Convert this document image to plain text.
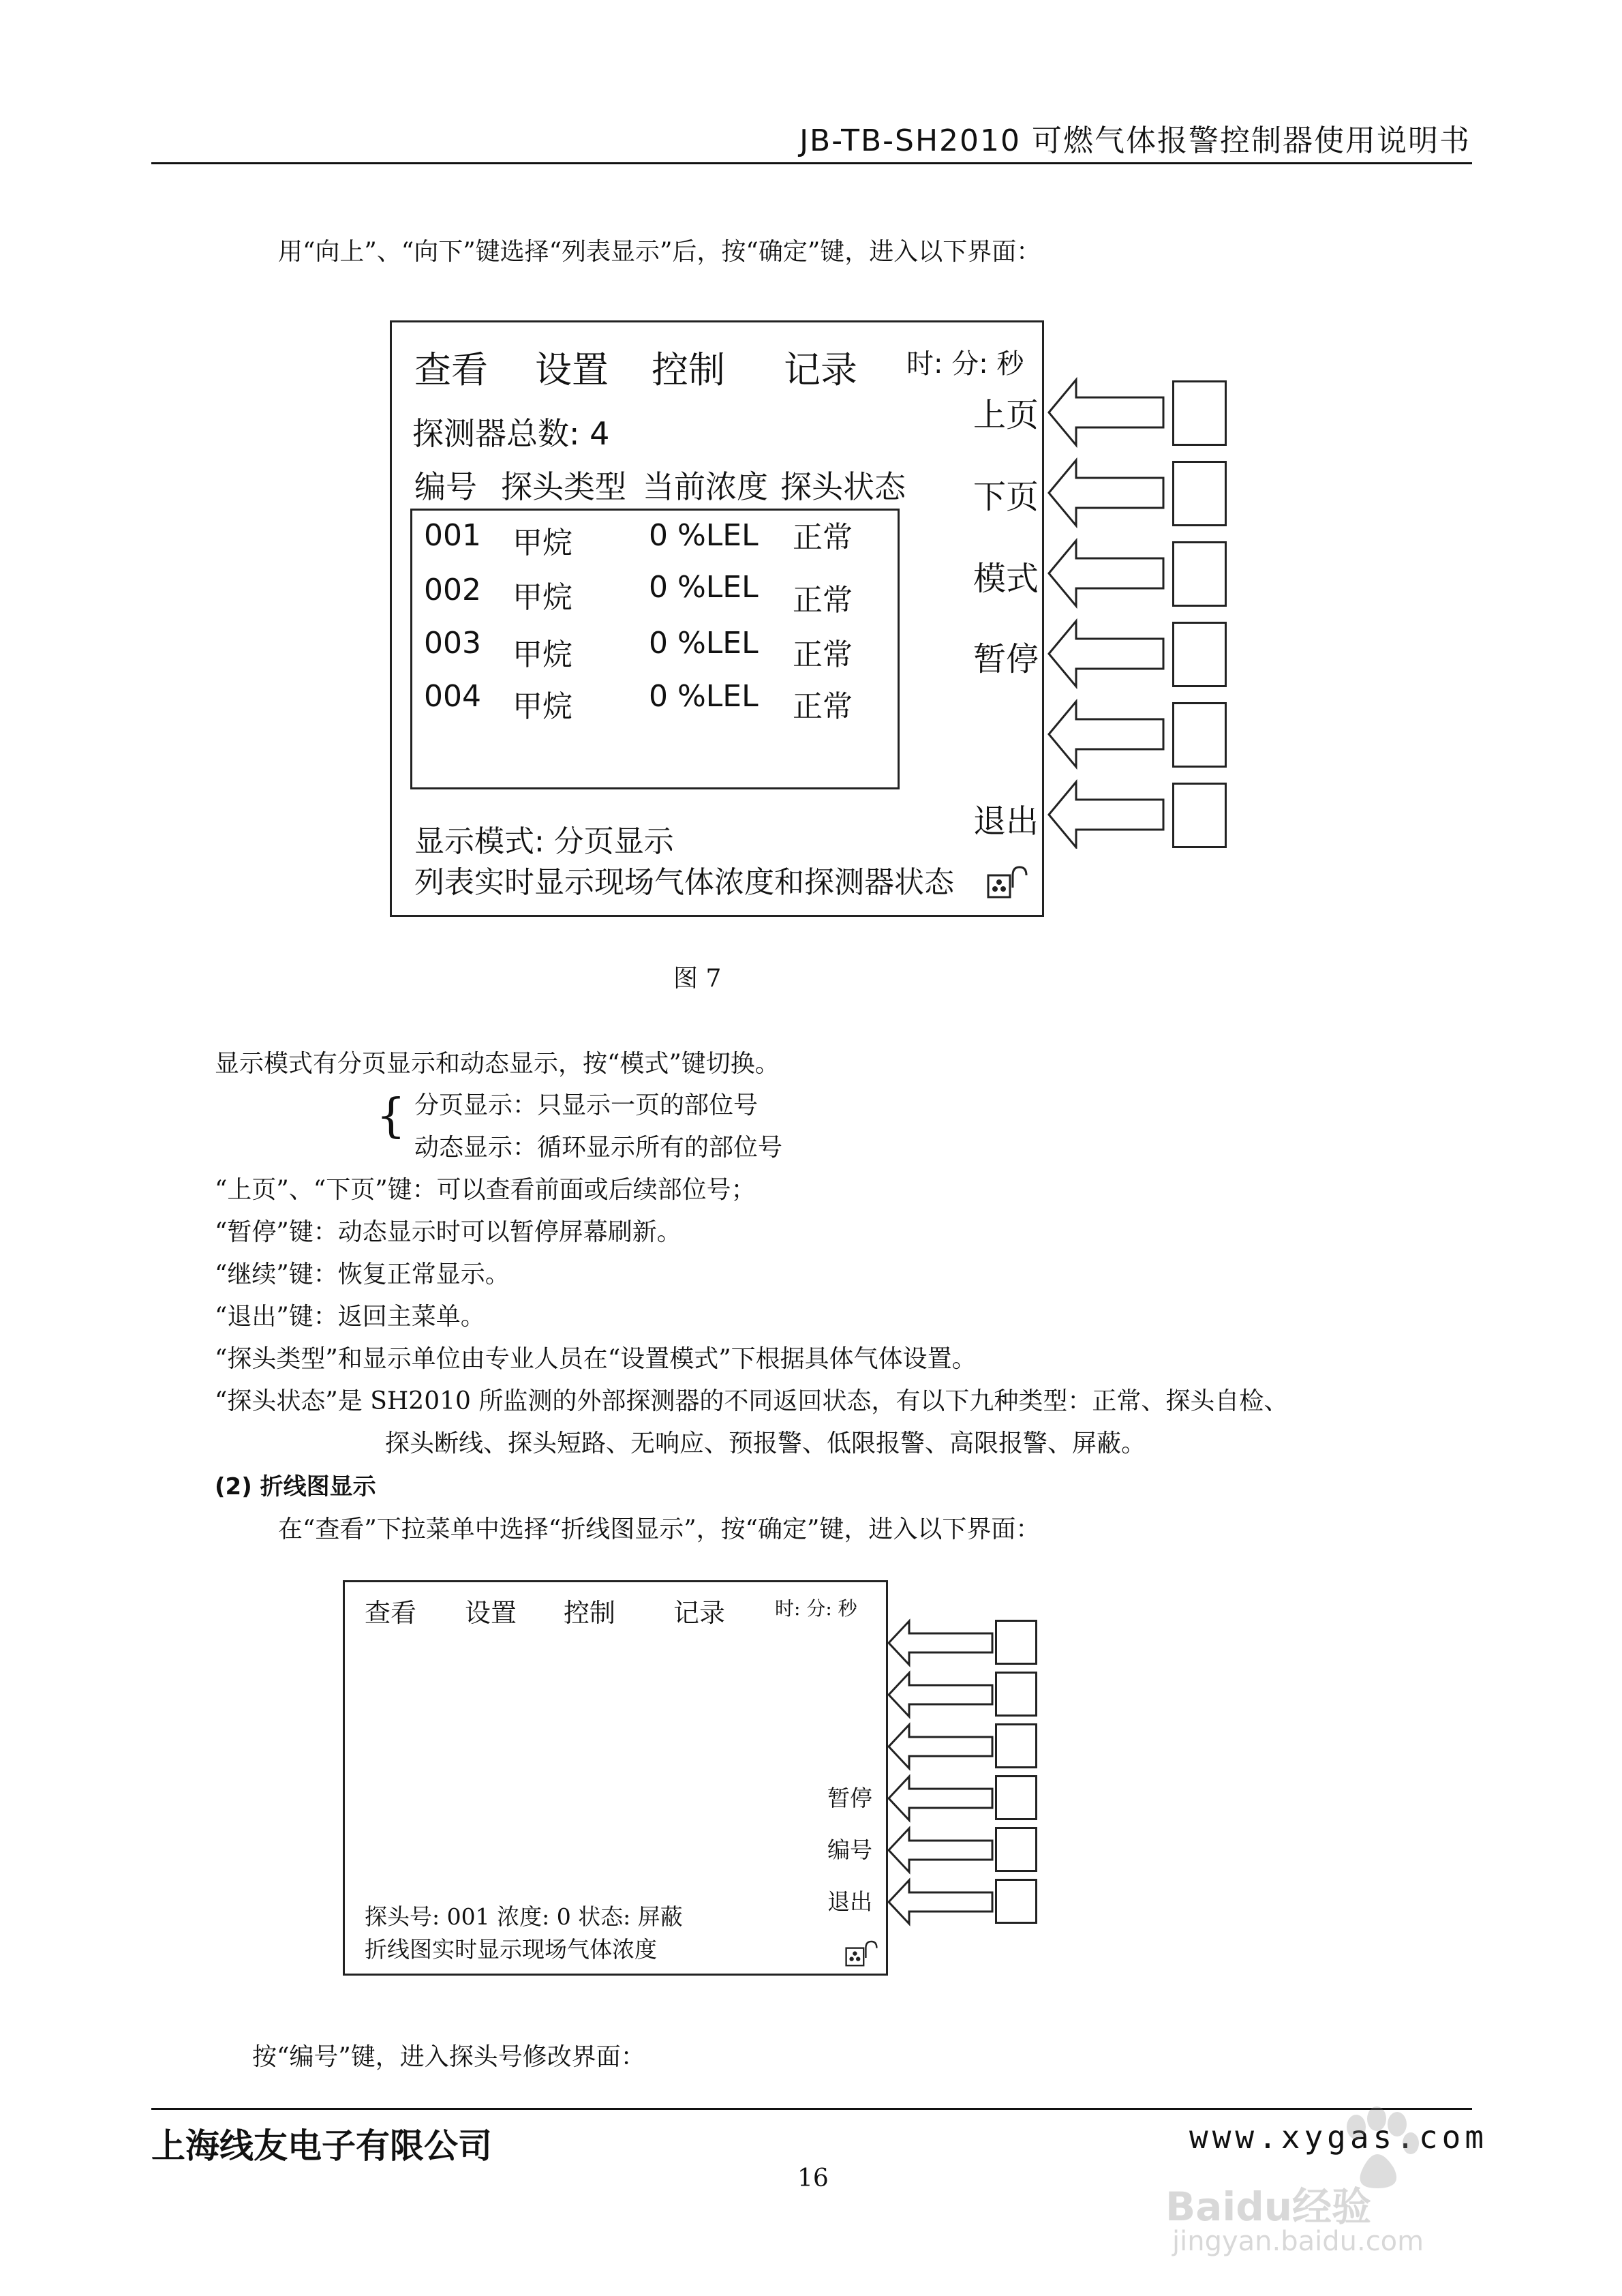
JB-TB-SH2010 可燃气体报警控制器使用说明书
用“向上”、“向下”键选择“列表显示”后，按“确定”键，进入以下界面：
查看 设置 控制 记录 时: 分: 秒
探测器总数: 4
编号 探头类型 当前浓度 探头状态
001 甲烷	0 %LEL 正常
002 甲烷	0 %LEL 正常
003 甲烷	0 %LEL 正常
004 甲烷	0 %LEL 正常
显示模式: 分页显示
列表实时显示现场气体浓度和探测器状态
上页
下页
模式
暂停
退出
图 7
显示模式有分页显示和动态显示，按“模式”键切换。
{ 分页显示：只显示一页的部位号
动态显示：循环显示所有的部位号
“上页”、“下页”键：可以查看前面或后续部位号；
“暂停”键：动态显示时可以暂停屏幕刷新。
“继续”键：恢复正常显示。
“退出”键：返回主菜单。
“探头类型”和显示单位由专业人员在“设置模式”下根据具体气体设置。
“探头状态”是 SH2010 所监测的外部探测器的不同返回状态，有以下九种类型：正常、探头自检、
探头断线、探头短路、无响应、预报警、低限报警、高限报警、屏蔽。
(2) 折线图显示
在“查看”下拉菜单中选择“折线图显示”，按“确定”键，进入以下界面：
查看 设置 控制 记录	时: 分: 秒
暂停
编号
退出
探头号: 001 浓度: 0 状态: 屏蔽
折线图实时显示现场气体浓度
按“编号”键，进入探头号修改界面：
上海线友电子有限公司	www.xygas.com
16
Baidu经验
jingyan.baidu.com
